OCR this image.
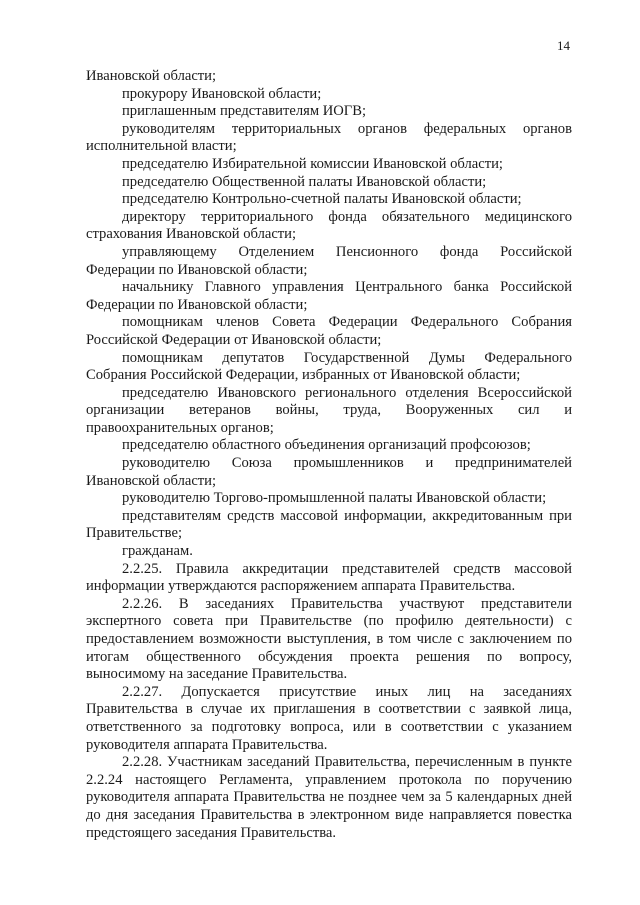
14

Ивановской области;

прокурору Ивановской области;

приглашенным представителям ИОГВ;

руководителям территориальных органов федеральных органов исполнительной власти;

председателю Избирательной комиссии Ивановской области;

председателю Общественной палаты Ивановской области;

председателю Контрольно-счетной палаты Ивановской области;

директору территориального фонда обязательного медицинского страхования Ивановской области;

управляющему Отделением Пенсионного фонда Российской Федерации по Ивановской области;

начальнику Главного управления Центрального банка Российской Федерации по Ивановской области;

помощникам членов Совета Федерации Федерального Собрания Российской Федерации от Ивановской области;

помощникам депутатов Государственной Думы Федерального Собрания Российской Федерации, избранных от Ивановской области;

председателю Ивановского регионального отделения Всероссийской организации ветеранов войны, труда, Вооруженных сил и правоохранительных органов;

председателю областного объединения организаций профсоюзов;

руководителю Союза промышленников и предпринимателей Ивановской области;

руководителю Торгово-промышленной палаты Ивановской области;

представителям средств массовой информации, аккредитованным при Правительстве;

гражданам.

2.2.25. Правила аккредитации представителей средств массовой информации утверждаются распоряжением аппарата Правительства.

2.2.26. В заседаниях Правительства участвуют представители экспертного совета при Правительстве (по профилю деятельности) с предоставлением возможности выступления, в том числе с заключением по итогам общественного обсуждения проекта решения по вопросу, выносимому на заседание Правительства.

2.2.27. Допускается присутствие иных лиц на заседаниях Правительства в случае их приглашения в соответствии с заявкой лица, ответственного за подготовку вопроса, или в соответствии с указанием руководителя аппарата Правительства.

2.2.28. Участникам заседаний Правительства, перечисленным в пункте 2.2.24 настоящего Регламента, управлением протокола по поручению руководителя аппарата Правительства не позднее чем за 5 календарных дней до дня заседания Правительства в электронном виде направляется повестка предстоящего заседания Правительства.
